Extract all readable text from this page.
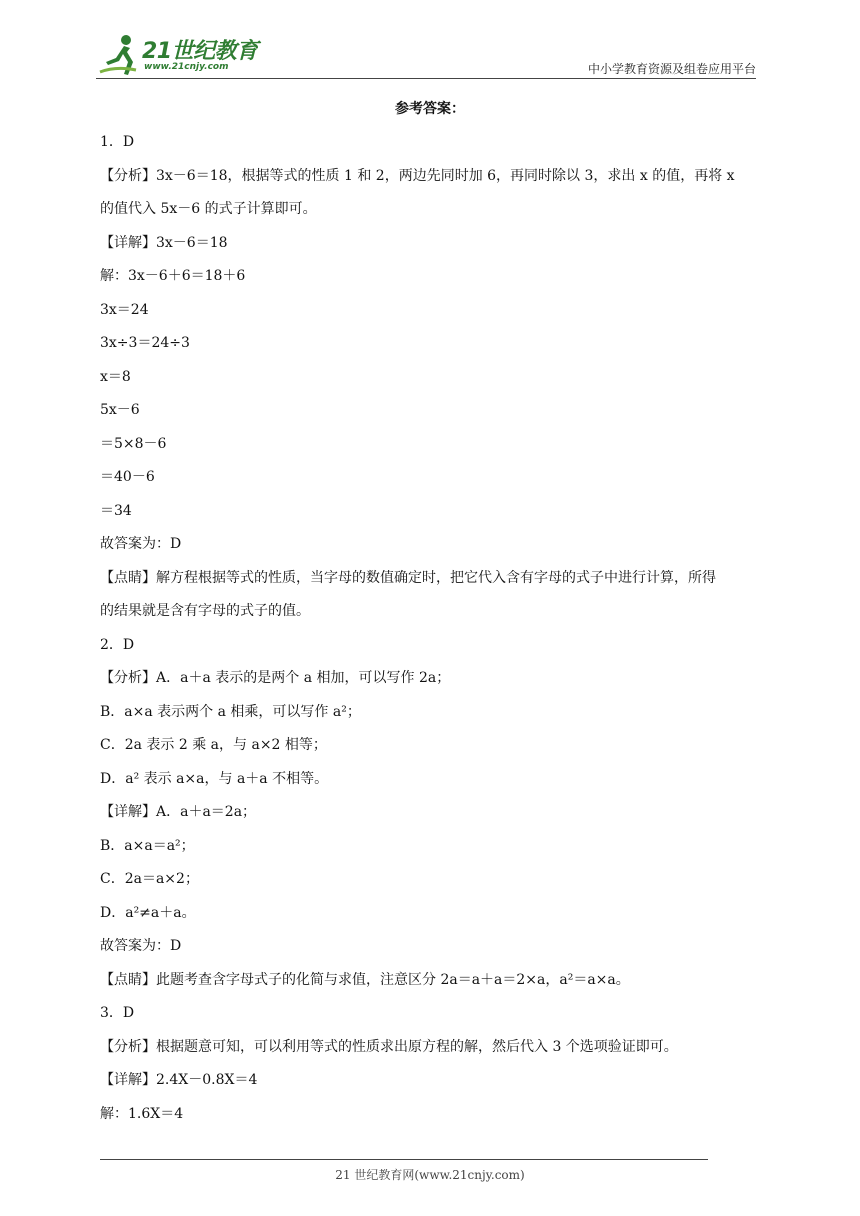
21世纪教育
www.21cnjy.com	中小学教育资源及组卷应用平台
参考答案：
1．D
【分析】3x－6＝18，根据等式的性质 1 和 2，两边先同时加 6，再同时除以 3，求出 x 的值，再将 x
的值代入 5x－6 的式子计算即可。
【详解】3x－6＝18
解：3x－6＋6＝18＋6
3x＝24
3x÷3＝24÷3
x＝8
5x－6
＝5×8－6
＝40－6
＝34
故答案为：D
【点睛】解方程根据等式的性质，当字母的数值确定时，把它代入含有字母的式子中进行计算，所得
的结果就是含有字母的式子的值。
2．D
【分析】A．a＋a 表示的是两个 a 相加，可以写作 2a；
B．a×a 表示两个 a 相乘，可以写作 a²；
C．2a 表示 2 乘 a，与 a×2 相等；
D．a² 表示 a×a，与 a＋a 不相等。
【详解】A．a＋a＝2a；
B．a×a＝a²；
C．2a＝a×2；
D．a²≠a＋a。
故答案为：D
【点睛】此题考查含字母式子的化简与求值，注意区分 2a＝a＋a＝2×a，a²＝a×a。
3．D
【分析】根据题意可知，可以利用等式的性质求出原方程的解，然后代入 3 个选项验证即可。
【详解】2.4X－0.8X＝4
解：1.6X＝4
21 世纪教育网(www.21cnjy.com)
